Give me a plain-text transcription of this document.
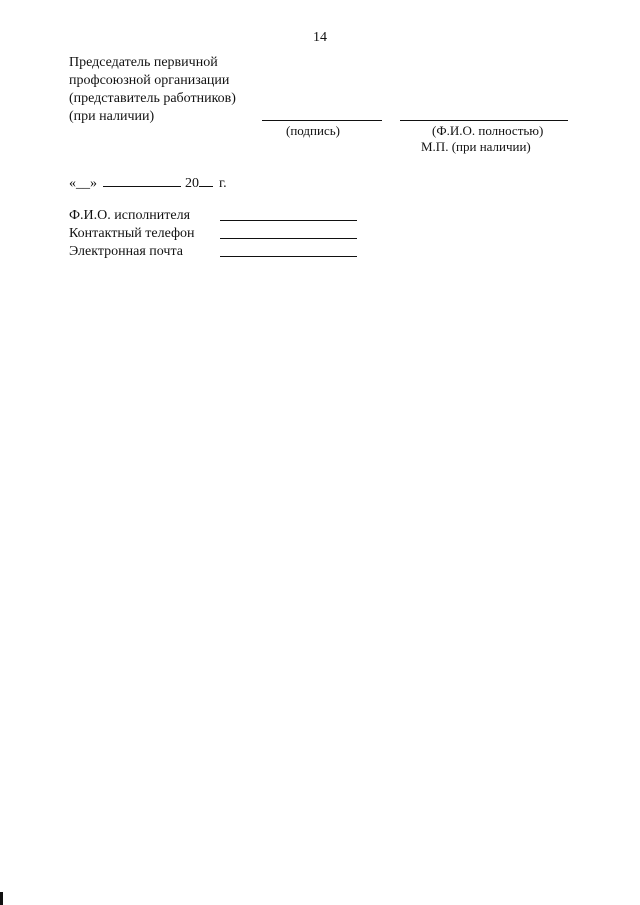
14
Председатель первичной
профсоюзной организации
(представитель работников)
(при наличии)
(подпись)	(Ф.И.О. полностью)
М.П. (при наличии)
«__»	20 г.
Ф.И.О. исполнителя
Контактный телефон
Электронная почта
